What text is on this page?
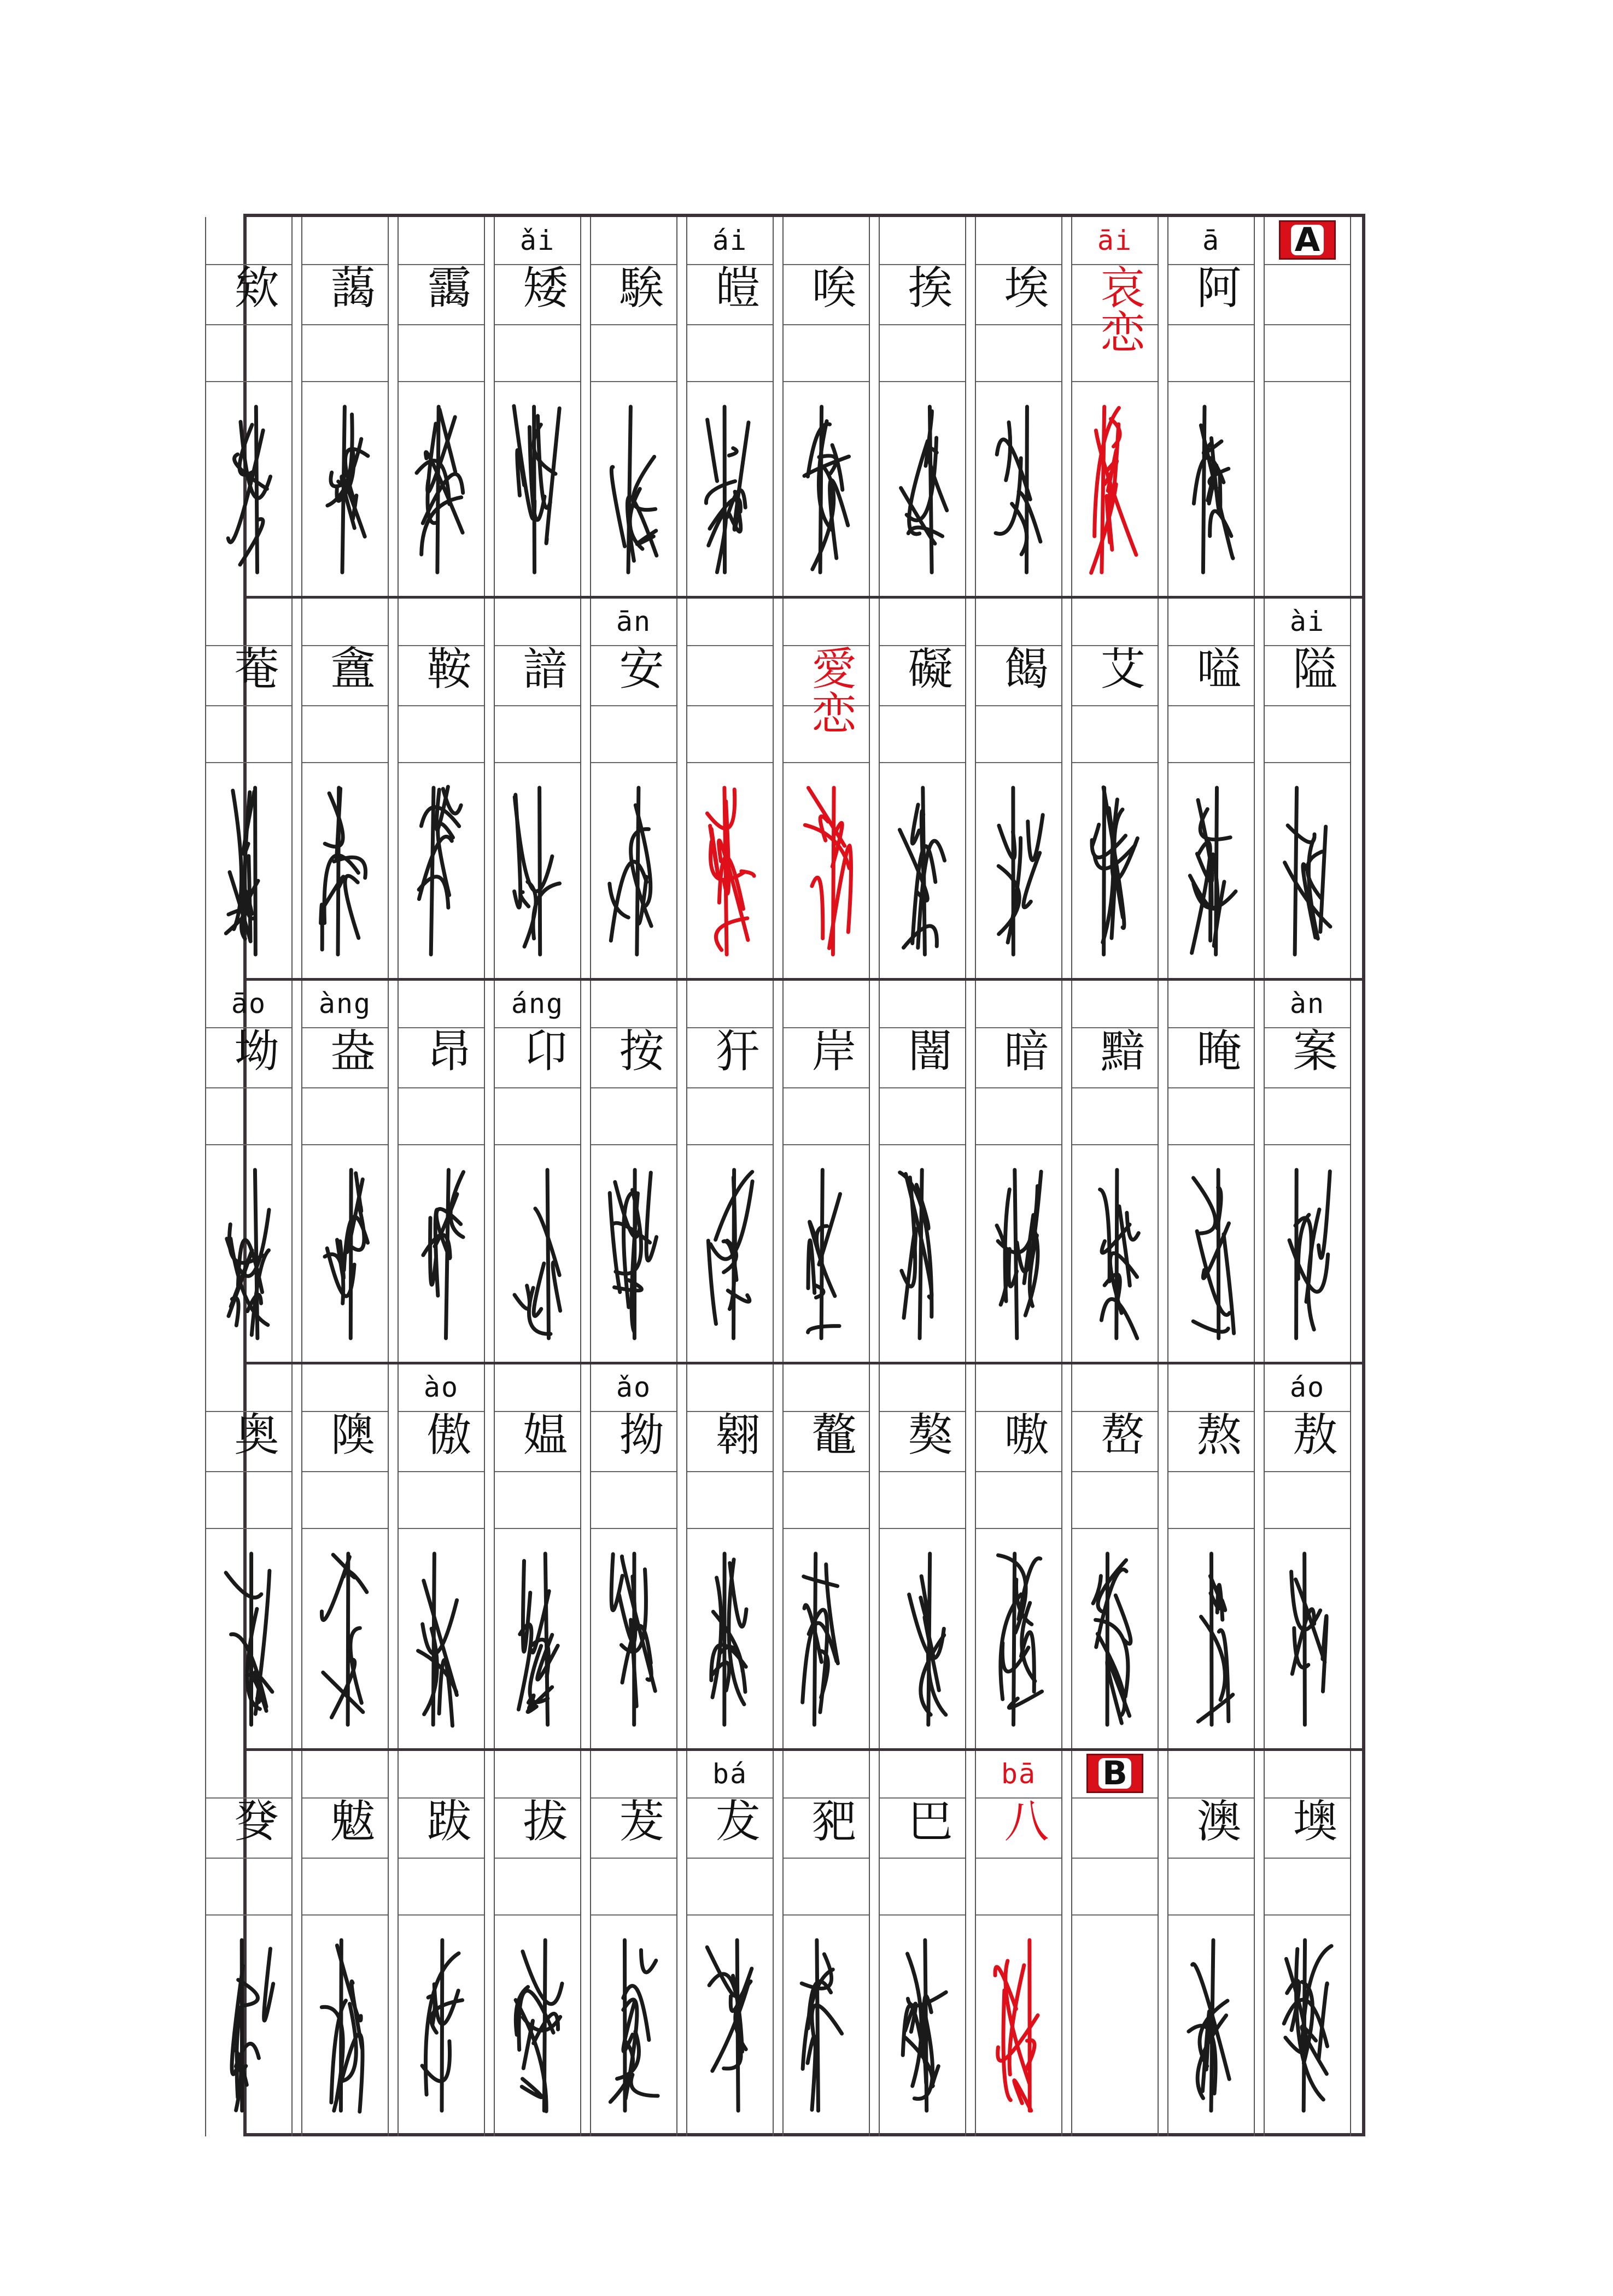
A
ā
阿
āi
哀恋
埃
挨
唉
ái
皚
騃
ǎi
矮
靄
藹
欸
ài
隘
嗌
艾
餲
礙
愛恋
ān
安
諳
鞍
盦
菴
àn
案
晻
黯
暗
闇
岸
犴
按
áng
卬
昂
àng
盎
āo
坳
áo
敖
熬
嶅
嗷
獒
鼇
翱
ǎo
拗
媪
ào
傲
隩
奥
墺
澳
B
bā
八
巴
豝
bá
犮
茇
拔
跋
魃
癹
